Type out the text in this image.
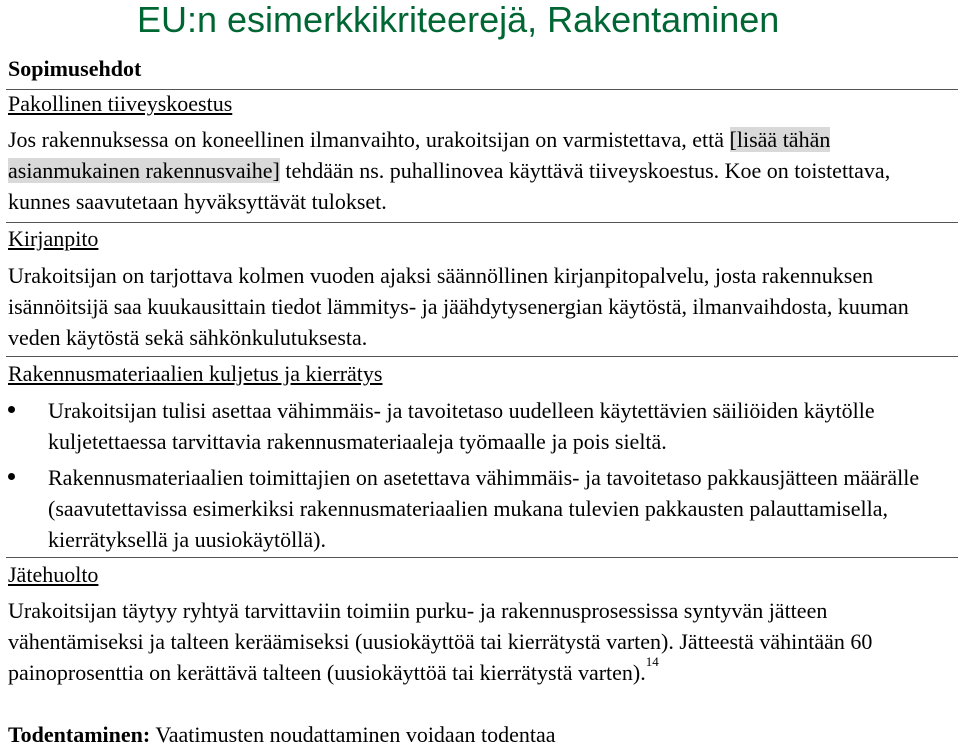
EU:n esimerkkikriteerejä, Rakentaminen
Sopimusehdot
Pakollinen tiiveyskoestus
Jos rakennuksessa on koneellinen ilmanvaihto, urakoitsijan on varmistettava, että [lisää tähän asianmukainen rakennusvaihe] tehdään ns. puhallinovea käyttävä tiiveyskoestus. Koe on toistettava, kunnes saavutetaan hyväksyttävät tulokset.
Kirjanpito
Urakoitsijan on tarjottava kolmen vuoden ajaksi säännöllinen kirjanpitopalvelu, josta rakennuksen isännöitsijä saa kuukausittain tiedot lämmitys- ja jäähdytysenergian käytöstä, ilmanvaihdosta, kuuman veden käytöstä sekä sähkönkulutuksesta.
Rakennusmateriaalien kuljetus ja kierrätys
Urakoitsijan tulisi asettaa vähimmäis- ja tavoitetaso uudelleen käytettävien säiliöiden käytölle kuljetettaessa tarvittavia rakennusmateriaaleja työmaalle ja pois sieltä.
Rakennusmateriaalien toimittajien on asetettava vähimmäis- ja tavoitetaso pakkausjätteen määrälle (saavutettavissa esimerkiksi rakennusmateriaalien mukana tulevien pakkausten palauttamisella, kierrätyksellä ja uusiokäytöllä).
Jätehuolto
Urakoitsijan täytyy ryhtyä tarvittaviin toimiin purku- ja rakennusprosessissa syntyvän jätteen vähentämiseksi ja talteen keräämiseksi (uusiokäyttöä tai kierrätystä varten). Jätteestä vähintään 60 painoprosenttia on kerättävä talteen (uusiokäyttöä tai kierrätystä varten).$^{14}$
Todentaminen: Vaatimusten noudattaminen voidaan todentaa
